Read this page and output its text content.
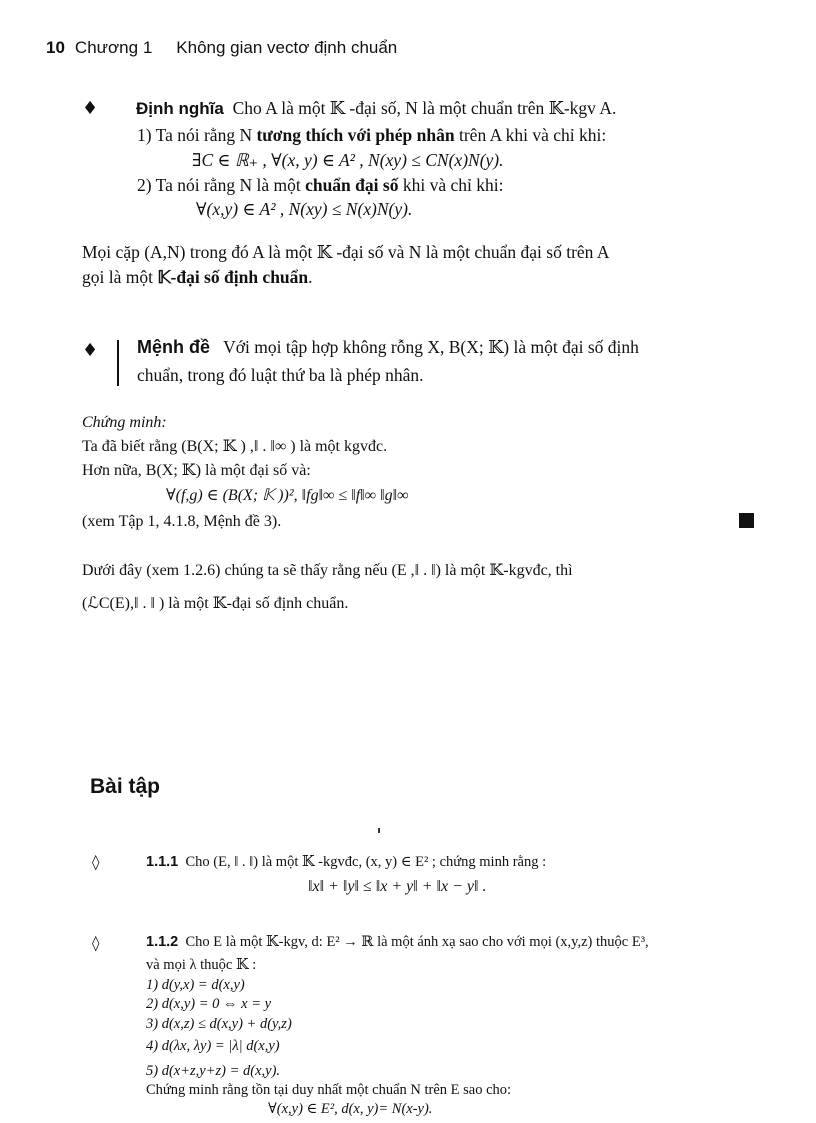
10 Chương 1 Không gian vectơ định chuẩn
♦ Định nghĩa Cho A là một 𝕂 -đại số, N là một chuẩn trên 𝕂-kgv A.
1) Ta nói rằng N tương thích với phép nhân trên A khi và chỉ khi:
∃C ∈ ℝ₊ , ∀(x, y) ∈ A² , N(xy) ≤ CN(x)N(y).
2) Ta nói rằng N là một chuẩn đại số khi và chỉ khi:
∀(x,y) ∈ A² , N(xy) ≤ N(x)N(y).
Mọi cặp (A,N) trong đó A là một 𝕂 -đại số và N là một chuẩn đại số trên A
gọi là một 𝕂-đại số định chuẩn.
♦ Mệnh đề Với mọi tập hợp không rỗng X, B(X; 𝕂) là một đại số định
chuẩn, trong đó luật thứ ba là phép nhân.
Chứng minh:
Ta đã biết rằng (B(X; 𝕂 ) ,‖ . ‖∞ ) là một kgvđc.
Hơn nữa, B(X; 𝕂) là một đại số và:
∀(f,g) ∈ (B(X; 𝕂 ))², ‖fg‖∞ ≤ ‖f‖∞ ‖g‖∞
(xem Tập 1, 4.1.8, Mệnh đề 3).
Dưới đây (xem 1.2.6) chúng ta sẽ thấy rằng nếu (E ,‖ . ‖) là một 𝕂-kgvđc, thì
(ℒC(E),‖ . ‖ ) là một 𝕂-đại số định chuẩn.
Bài tập
◊	1.1.1 Cho (E, ‖ . ‖) là một 𝕂 -kgvđc, (x, y) ∈ E² ; chứng minh rằng :
‖x‖ + ‖y‖ ≤ ‖x + y‖ + ‖x − y‖ .
◊	1.1.2 Cho E là một 𝕂-kgv, d: E² → ℝ là một ánh xạ sao cho với mọi (x,y,z) thuộc E³,
và mọi λ thuộc 𝕂 :
1) d(y,x) = d(x,y)
2) d(x,y) = 0 ⇔ x = y
3) d(x,z) ≤ d(x,y) + d(y,z)
4) d(λx, λy) = |λ| d(x,y)
5) d(x+z,y+z) = d(x,y).
Chứng minh rằng tồn tại duy nhất một chuẩn N trên E sao cho:
∀(x,y) ∈ E², d(x, y)= N(x-y).
